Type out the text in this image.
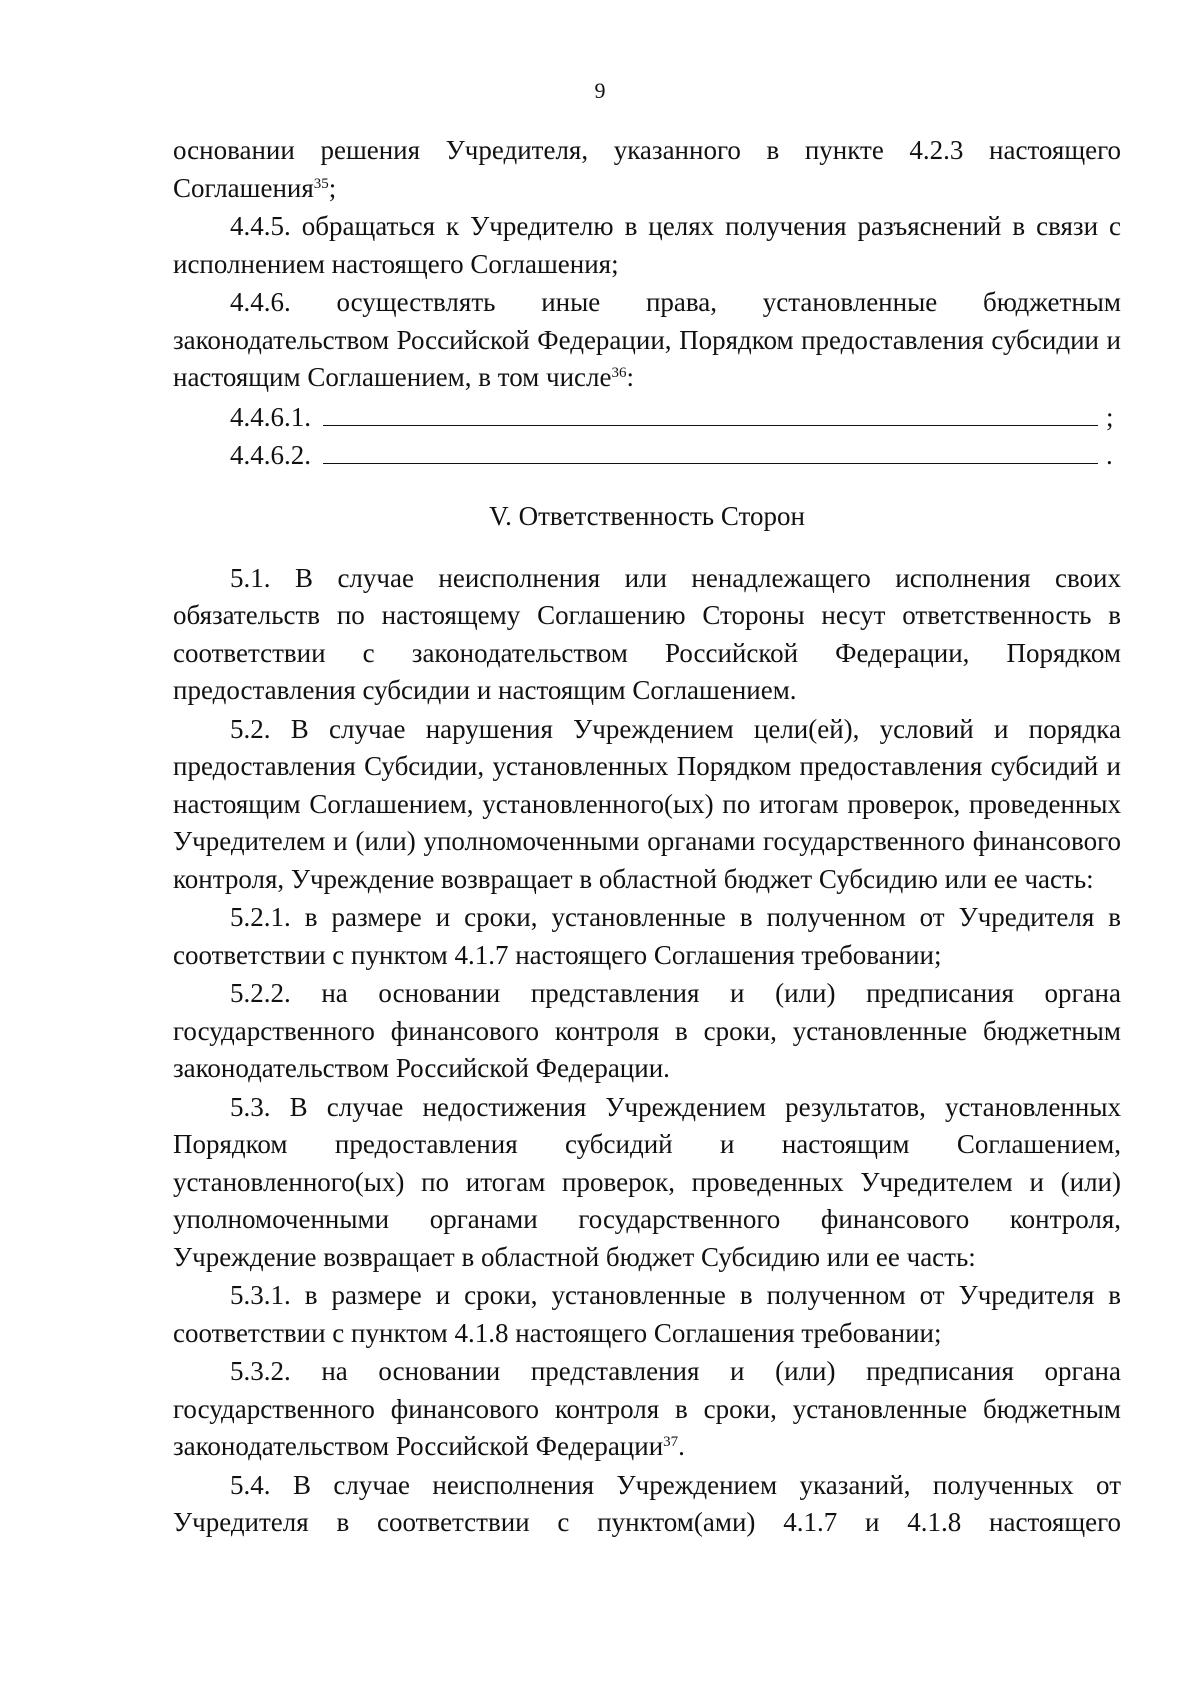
9

основании решения Учредителя, указанного в пункте 4.2.3 настоящего Соглашения$^{35}$;

4.4.5. обращаться к Учредителю в целях получения разъяснений в связи с исполнением настоящего Соглашения;

4.4.6. осуществлять иные права, установленные бюджетным законодательством Российской Федерации, Порядком предоставления субсидии и настоящим Соглашением, в том числе$^{36}$:

4.4.6.1.	;
4.4.6.2.	.
V. Ответственность Сторон

5.1. В случае неисполнения или ненадлежащего исполнения своих обязательств по настоящему Соглашению Стороны несут ответственность в соответствии с законодательством Российской Федерации, Порядком предоставления субсидии и настоящим Соглашением.

5.2. В случае нарушения Учреждением цели(ей), условий и порядка предоставления Субсидии, установленных Порядком предоставления субсидий и настоящим Соглашением, установленного(ых) по итогам проверок, проведенных Учредителем и (или) уполномоченными органами государственного финансового контроля, Учреждение возвращает в областной бюджет Субсидию или ее часть:

5.2.1. в размере и сроки, установленные в полученном от Учредителя в соответствии с пунктом 4.1.7 настоящего Соглашения требовании;

5.2.2. на основании представления и (или) предписания органа государственного финансового контроля в сроки, установленные бюджетным законодательством Российской Федерации.

5.3. В случае недостижения Учреждением результатов, установленных Порядком предоставления субсидий и настоящим Соглашением, установленного(ых) по итогам проверок, проведенных Учредителем и (или) уполномоченными органами государственного финансового контроля, Учреждение возвращает в областной бюджет Субсидию или ее часть:

5.3.1. в размере и сроки, установленные в полученном от Учредителя в соответствии с пунктом 4.1.8 настоящего Соглашения требовании;

5.3.2. на основании представления и (или) предписания органа государственного финансового контроля в сроки, установленные бюджетным законодательством Российской Федерации$^{37}$.

5.4. В случае неисполнения Учреждением указаний, полученных от Учредителя в соответствии с пунктом(ами) 4.1.7 и 4.1.8 настоящего
